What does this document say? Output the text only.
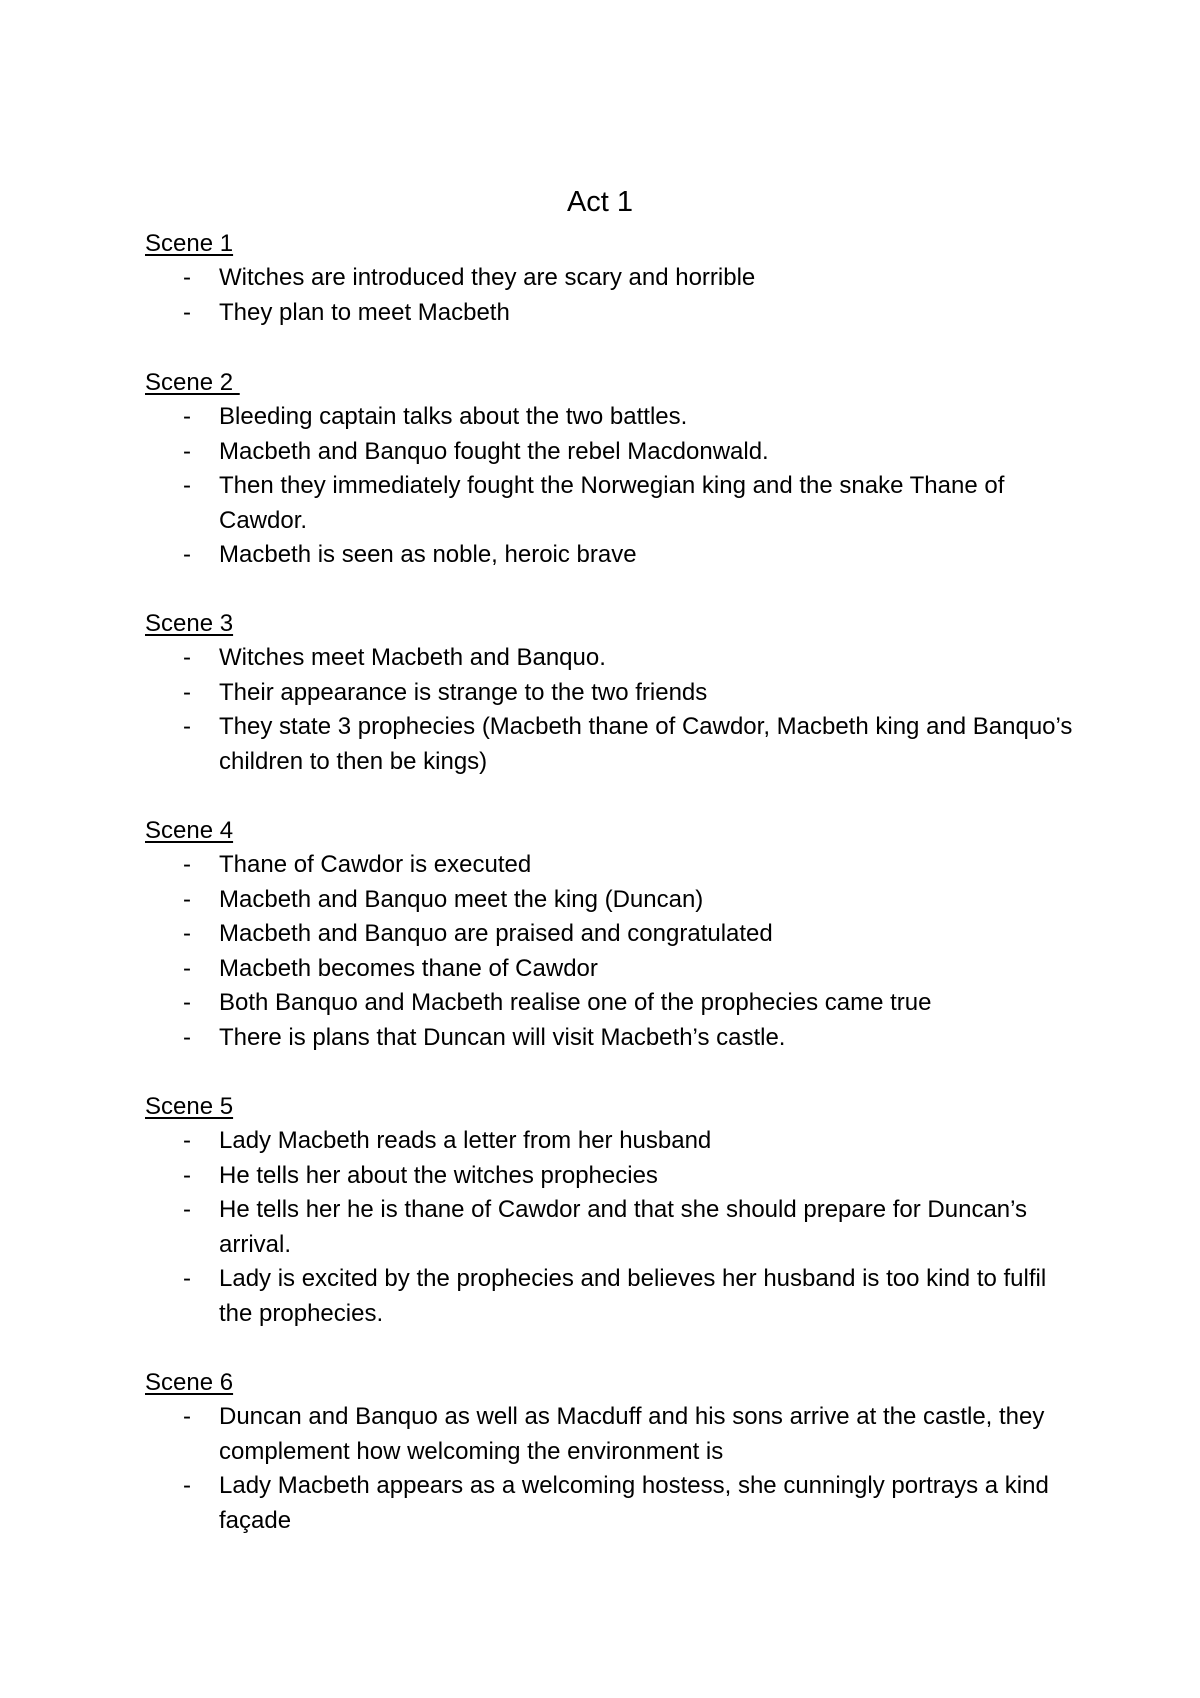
Act 1
Scene 1
- Witches are introduced they are scary and horrible
- They plan to meet Macbeth
Scene 2
- Bleeding captain talks about the two battles.
- Macbeth and Banquo fought the rebel Macdonwald.
- Then they immediately fought the Norwegian king and the snake Thane of Cawdor.
- Macbeth is seen as noble, heroic brave
Scene 3
- Witches meet Macbeth and Banquo.
- Their appearance is strange to the two friends
- They state 3 prophecies (Macbeth thane of Cawdor, Macbeth king and Banquo’s children to then be kings)
Scene 4
- Thane of Cawdor is executed
- Macbeth and Banquo meet the king (Duncan)
- Macbeth and Banquo are praised and congratulated
- Macbeth becomes thane of Cawdor
- Both Banquo and Macbeth realise one of the prophecies came true
- There is plans that Duncan will visit Macbeth’s castle.
Scene 5
- Lady Macbeth reads a letter from her husband
- He tells her about the witches prophecies
- He tells her he is thane of Cawdor and that she should prepare for Duncan’s arrival.
- Lady is excited by the prophecies and believes her husband is too kind to fulfil the prophecies.
Scene 6
- Duncan and Banquo as well as Macduff and his sons arrive at the castle, they complement how welcoming the environment is
- Lady Macbeth appears as a welcoming hostess, she cunningly portrays a kind façade
